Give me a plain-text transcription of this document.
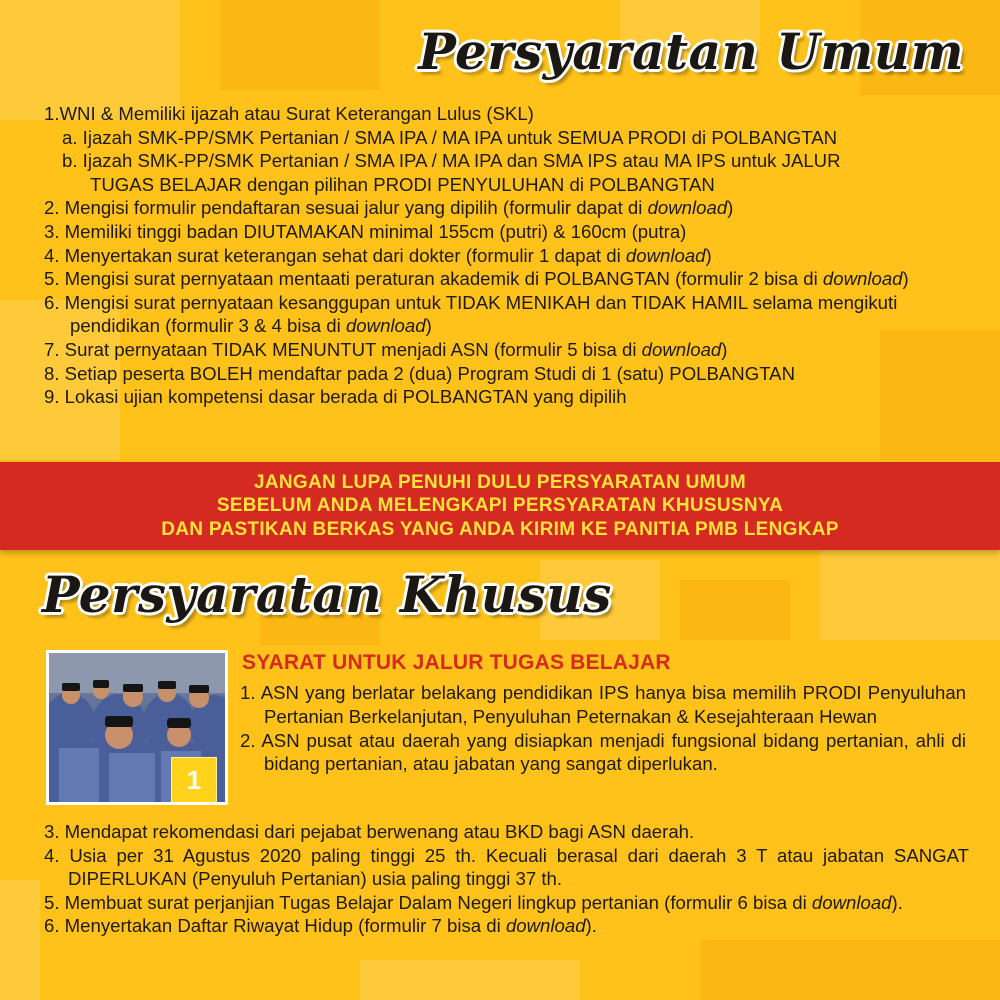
Persyaratan Umum
1.WNI & Memiliki ijazah atau Surat Keterangan Lulus (SKL)
a. Ijazah SMK-PP/SMK Pertanian / SMA IPA / MA IPA untuk SEMUA PRODI di POLBANGTAN
b. Ijazah SMK-PP/SMK Pertanian / SMA IPA / MA IPA dan SMA IPS atau MA IPS untuk JALUR
TUGAS BELAJAR dengan pilihan PRODI PENYULUHAN di POLBANGTAN
2. Mengisi formulir pendaftaran sesuai jalur yang dipilih (formulir dapat di download)
3. Memiliki tinggi badan DIUTAMAKAN minimal 155cm (putri) & 160cm (putra)
4. Menyertakan surat keterangan sehat dari dokter (formulir 1 dapat di download)
5. Mengisi surat pernyataan mentaati peraturan akademik di POLBANGTAN (formulir 2 bisa di download)
6. Mengisi surat pernyataan kesanggupan untuk TIDAK MENIKAH dan TIDAK HAMIL selama mengikuti pendidikan (formulir 3 & 4 bisa di download)
7. Surat pernyataan TIDAK MENUNTUT menjadi ASN (formulir 5 bisa di download)
8. Setiap peserta BOLEH mendaftar pada 2 (dua) Program Studi di 1 (satu) POLBANGTAN
9. Lokasi ujian kompetensi dasar berada di POLBANGTAN yang dipilih
JANGAN LUPA PENUHI DULU PERSYARATAN UMUM
SEBELUM ANDA MELENGKAPI PERSYARATAN KHUSUSNYA
DAN PASTIKAN BERKAS YANG ANDA KIRIM KE PANITIA PMB LENGKAP
Persyaratan Khusus
1
SYARAT UNTUK JALUR TUGAS BELAJAR
1. ASN yang berlatar belakang pendidikan IPS hanya bisa memilih PRODI Penyuluhan Pertanian Berkelanjutan, Penyuluhan Peternakan & Kesejahteraan Hewan
2. ASN pusat atau daerah yang disiapkan menjadi fungsional bidang pertanian, ahli di bidang pertanian, atau jabatan yang sangat diperlukan.
3. Mendapat rekomendasi dari pejabat berwenang atau BKD bagi ASN daerah.
4. Usia per 31 Agustus 2020 paling tinggi 25 th. Kecuali berasal dari daerah 3 T atau jabatan SANGAT DIPERLUKAN (Penyuluh Pertanian) usia paling tinggi 37 th.
5. Membuat surat perjanjian Tugas Belajar Dalam Negeri lingkup pertanian (formulir 6 bisa di download).
6. Menyertakan Daftar Riwayat Hidup (formulir 7 bisa di download).
